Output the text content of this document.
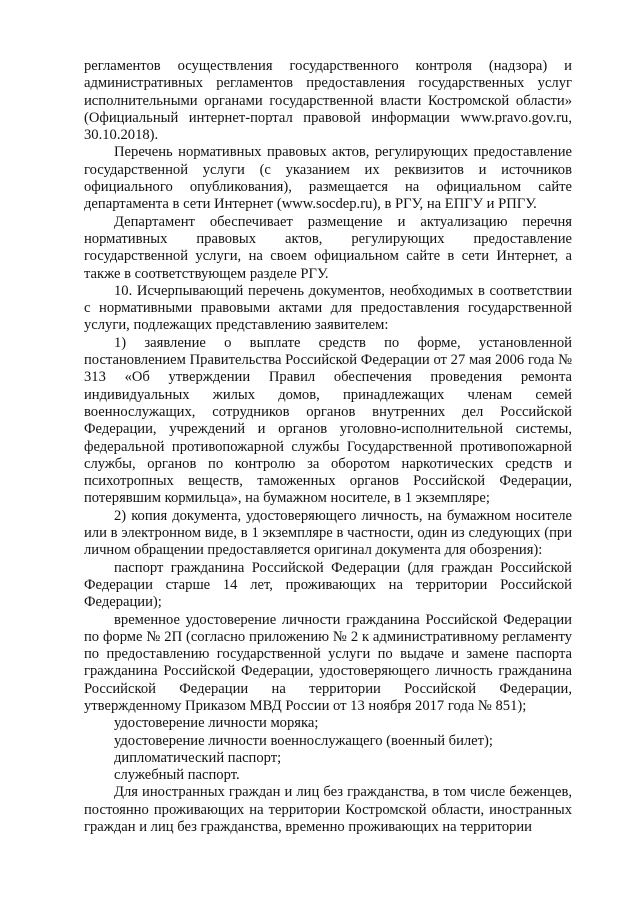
регламентов осуществления государственного контроля (надзора) и административных регламентов предоставления государственных услуг исполнительными органами государственной власти Костромской области» (Официальный интернет-портал правовой информации www.pravo.gov.ru, 30.10.2018).

Перечень нормативных правовых актов, регулирующих предоставление государственной услуги (с указанием их реквизитов и источников официального опубликования), размещается на официальном сайте департамента в сети Интернет (www.socdep.ru), в РГУ, на ЕПГУ и РПГУ.

Департамент обеспечивает размещение и актуализацию перечня нормативных правовых актов, регулирующих предоставление государственной услуги, на своем официальном сайте в сети Интернет, а также в соответствующем разделе РГУ.

10. Исчерпывающий перечень документов, необходимых в соответствии с нормативными правовыми актами для предоставления государственной услуги, подлежащих представлению заявителем:

1) заявление о выплате средств по форме, установленной постановлением Правительства Российской Федерации от 27 мая 2006 года № 313 «Об утверждении Правил обеспечения проведения ремонта индивидуальных жилых домов, принадлежащих членам семей военнослужащих, сотрудников органов внутренних дел Российской Федерации, учреждений и органов уголовно-исполнительной системы, федеральной противопожарной службы Государственной противопожарной службы, органов по контролю за оборотом наркотических средств и психотропных веществ, таможенных органов Российской Федерации, потерявшим кормильца», на бумажном носителе, в 1 экземпляре;

2) копия документа, удостоверяющего личность, на бумажном носителе или в электронном виде, в 1 экземпляре в частности, один из следующих (при личном обращении предоставляется оригинал документа для обозрения):

паспорт гражданина Российской Федерации (для граждан Российской Федерации старше 14 лет, проживающих на территории Российской Федерации);

временное удостоверение личности гражданина Российской Федерации по форме № 2П (согласно приложению № 2 к административному регламенту по предоставлению государственной услуги по выдаче и замене паспорта гражданина Российской Федерации, удостоверяющего личность гражданина Российской Федерации на территории Российской Федерации, утвержденному Приказом МВД России от 13 ноября 2017 года № 851);

удостоверение личности моряка;

удостоверение личности военнослужащего (военный билет);

дипломатический паспорт;

служебный паспорт.

Для иностранных граждан и лиц без гражданства, в том числе беженцев, постоянно проживающих на территории Костромской области, иностранных граждан и лиц без гражданства, временно проживающих на территории
